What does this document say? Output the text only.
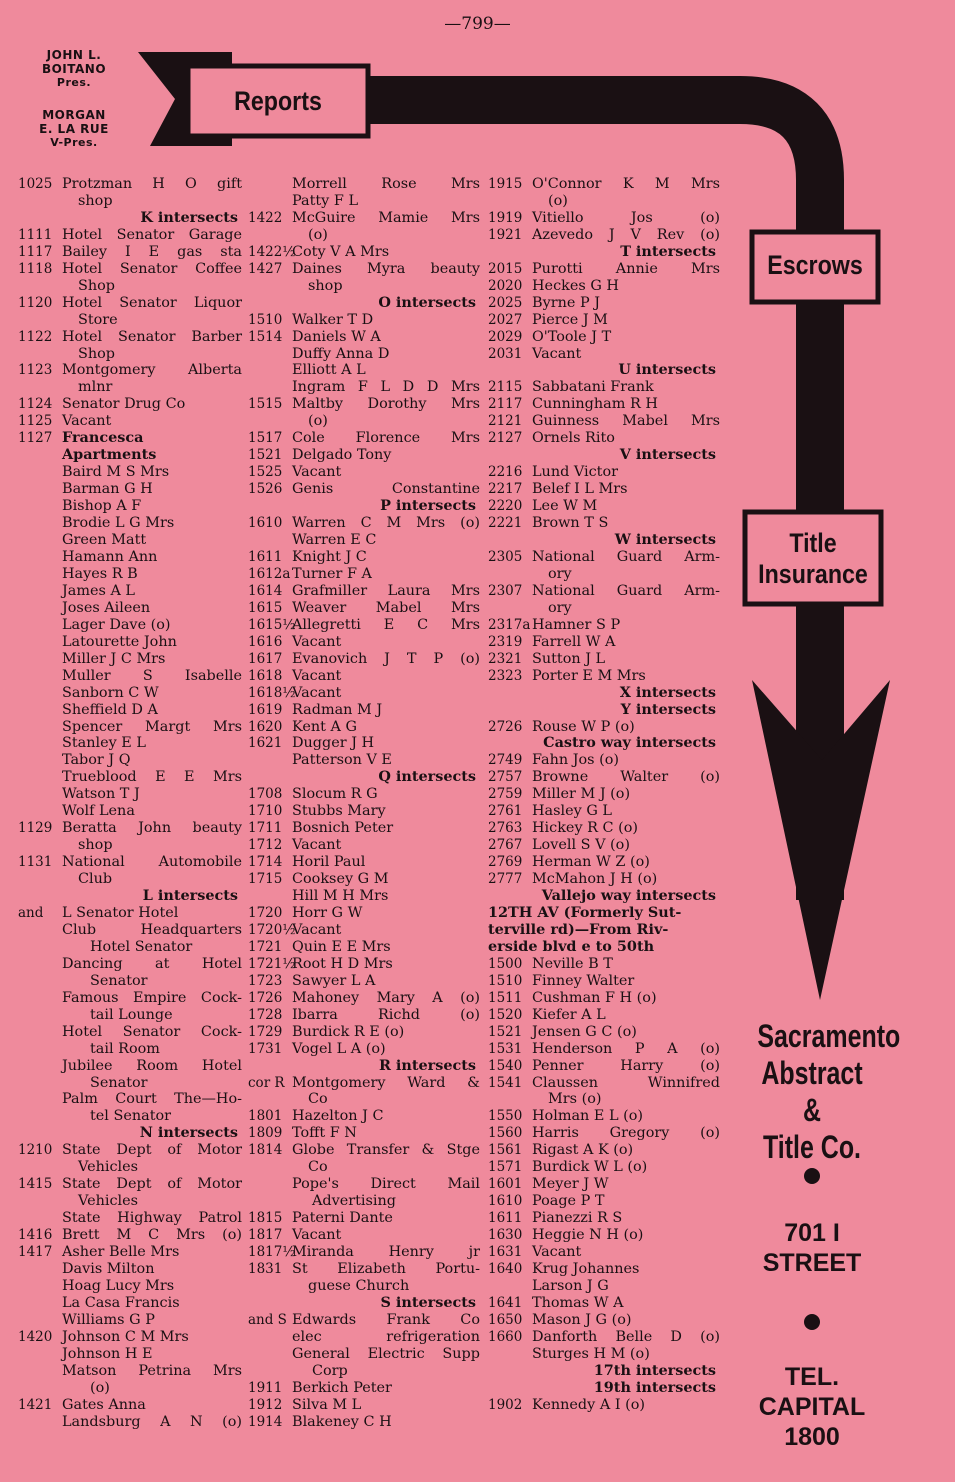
—799—
JOHN L.
BOITANO
Pres.
MORGAN
E. LA RUE
V-Pres.
Reports
Escrows
Title
Insurance
1025 Protzman H O gift
shop
K intersects
1111 Hotel Senator Garage
1117 Bailey I E gas sta
1118 Hotel Senator Coffee
Shop
1120 Hotel Senator Liquor
Store
1122 Hotel Senator Barber
Shop
1123 Montgomery Alberta
mlnr
1124 Senator Drug Co
1125 Vacant
1127 Francesca Apartments
Baird M S Mrs
Barman G H
Bishop A F
Brodie L G Mrs
Green Matt
Hamann Ann
Hayes R B
James A L
Joses Aileen
Lager Dave (o)
Latourette John
Miller J C Mrs
Muller S Isabelle
Sanborn C W
Sheffield D A
Spencer Margt Mrs
Stanley E L
Tabor J Q
Trueblood E E Mrs
Watson T J
Wolf Lena
1129 Beratta John beauty
shop
1131 National Automobile
Club
L intersects
and	L Senator Hotel
Club Headquarters
Hotel Senator
Dancing at Hotel
Senator
Famous Empire Cock-
tail Lounge
Hotel Senator Cock-
tail Room
Jubilee Room Hotel
Senator
Palm Court The—Ho-
tel Senator
N intersects
1210 State Dept of Motor
Vehicles
1415 State Dept of Motor
Vehicles
State Highway Patrol
1416 Brett M C Mrs (o)
1417 Asher Belle Mrs
Davis Milton
Hoag Lucy Mrs
La Casa Francis
Williams G P
1420 Johnson C M Mrs
Johnson H E
Matson Petrina Mrs
(o)
1421 Gates Anna
Landsburg A N (o)
Morrell Rose Mrs
Patty F L
1422 McGuire Mamie Mrs
(o)
1422½
Coty V A Mrs
1427 Daines Myra beauty
shop
O intersects
1510 Walker T D
1514 Daniels W A
Duffy Anna D
Elliott A L
Ingram F L D D Mrs
1515 Maltby Dorothy Mrs
(o)
1517 Cole Florence Mrs
1521 Delgado Tony
1525 Vacant
1526 Genis Constantine
P intersects
1610 Warren C M Mrs (o)
Warren E C
1611 Knight J C
1612a Turner F A
1614 Grafmiller Laura Mrs
1615 Weaver Mabel Mrs
1615½
Allegretti E C Mrs
1616 Vacant
1617 Evanovich J T P (o)
1618 Vacant
1618½
Vacant
1619 Radman M J
1620 Kent A G
1621 Dugger J H
Patterson V E
Q intersects
1708 Slocum R G
1710 Stubbs Mary
1711 Bosnich Peter
1712 Vacant
1714 Horil Paul
1715 Cooksey G M
Hill M H Mrs
1720 Horr G W
1720½
Vacant
1721 Quin E E Mrs
1721½
Root H D Mrs
1723 Sawyer L A
1726 Mahoney Mary A (o)
1728 Ibarra Richd (o)
1729 Burdick R E (o)
1731 Vogel L A (o)
R intersects
cor R Montgomery Ward &
Co
1801 Hazelton J C
1809 Tofft F N
1814 Globe Transfer & Stge
Co
Pope's Direct Mail
Advertising
1815 Paterni Dante
1817 Vacant
1817½
Miranda Henry jr
1831 St Elizabeth Portu-
guese Church
S intersects
and S Edwards Frank Co
elec refrigeration
General Electric Supp
Corp
1911 Berkich Peter
1912 Silva M L
1914 Blakeney C H
1915 O'Connor K M Mrs
(o)
1919 Vitiello Jos (o)
1921 Azevedo J V Rev (o)
T intersects
2015 Purotti Annie Mrs
2020 Heckes G H
2025 Byrne P J
2027 Pierce J M
2029 O'Toole J T
2031 Vacant
U intersects
2115 Sabbatani Frank
2117 Cunningham R H
2121 Guinness Mabel Mrs
2127 Ornels Rito
V intersects
2216 Lund Victor
2217 Belef I L Mrs
2220 Lee W M
2221 Brown T S
W intersects
2305 National Guard Arm-
ory
2307 National Guard Arm-
ory
2317a Hamner S P
2319 Farrell W A
2321 Sutton J L
2323 Porter E M Mrs
X intersects
Y intersects
2726 Rouse W P (o)
Castro way intersects
2749 Fahn Jos (o)
2757 Browne Walter (o)
2759 Miller M J (o)
2761 Hasley G L
2763 Hickey R C (o)
2767 Lovell S V (o)
2769 Herman W Z (o)
2777 McMahon J H (o)
Vallejo way intersects
12TH AV (Formerly Sut-
terville rd)—From Riv-
erside blvd e to 50th
1500 Neville B T
1510 Finney Walter
1511 Cushman F H (o)
1520 Kiefer A L
1521 Jensen G C (o)
1531 Henderson P A (o)
1540 Penner Harry (o)
1541 Claussen Winnifred
Mrs (o)
1550 Holman E L (o)
1560 Harris Gregory (o)
1561 Rigast A K (o)
1571 Burdick W L (o)
1601 Meyer J W
1610 Poage P T
1611 Pianezzi R S
1630 Heggie N H (o)
1631 Vacant
1640 Krug Johannes
Larson J G
1641 Thomas W A
1650 Mason J G (o)
1660 Danforth Belle D (o)
Sturges H M (o)
17th intersects
19th intersects
1902 Kennedy A I (o)
Sacramento
Abstract &
Title Co.
701 I
STREET
TEL.
CAPITAL
1800
